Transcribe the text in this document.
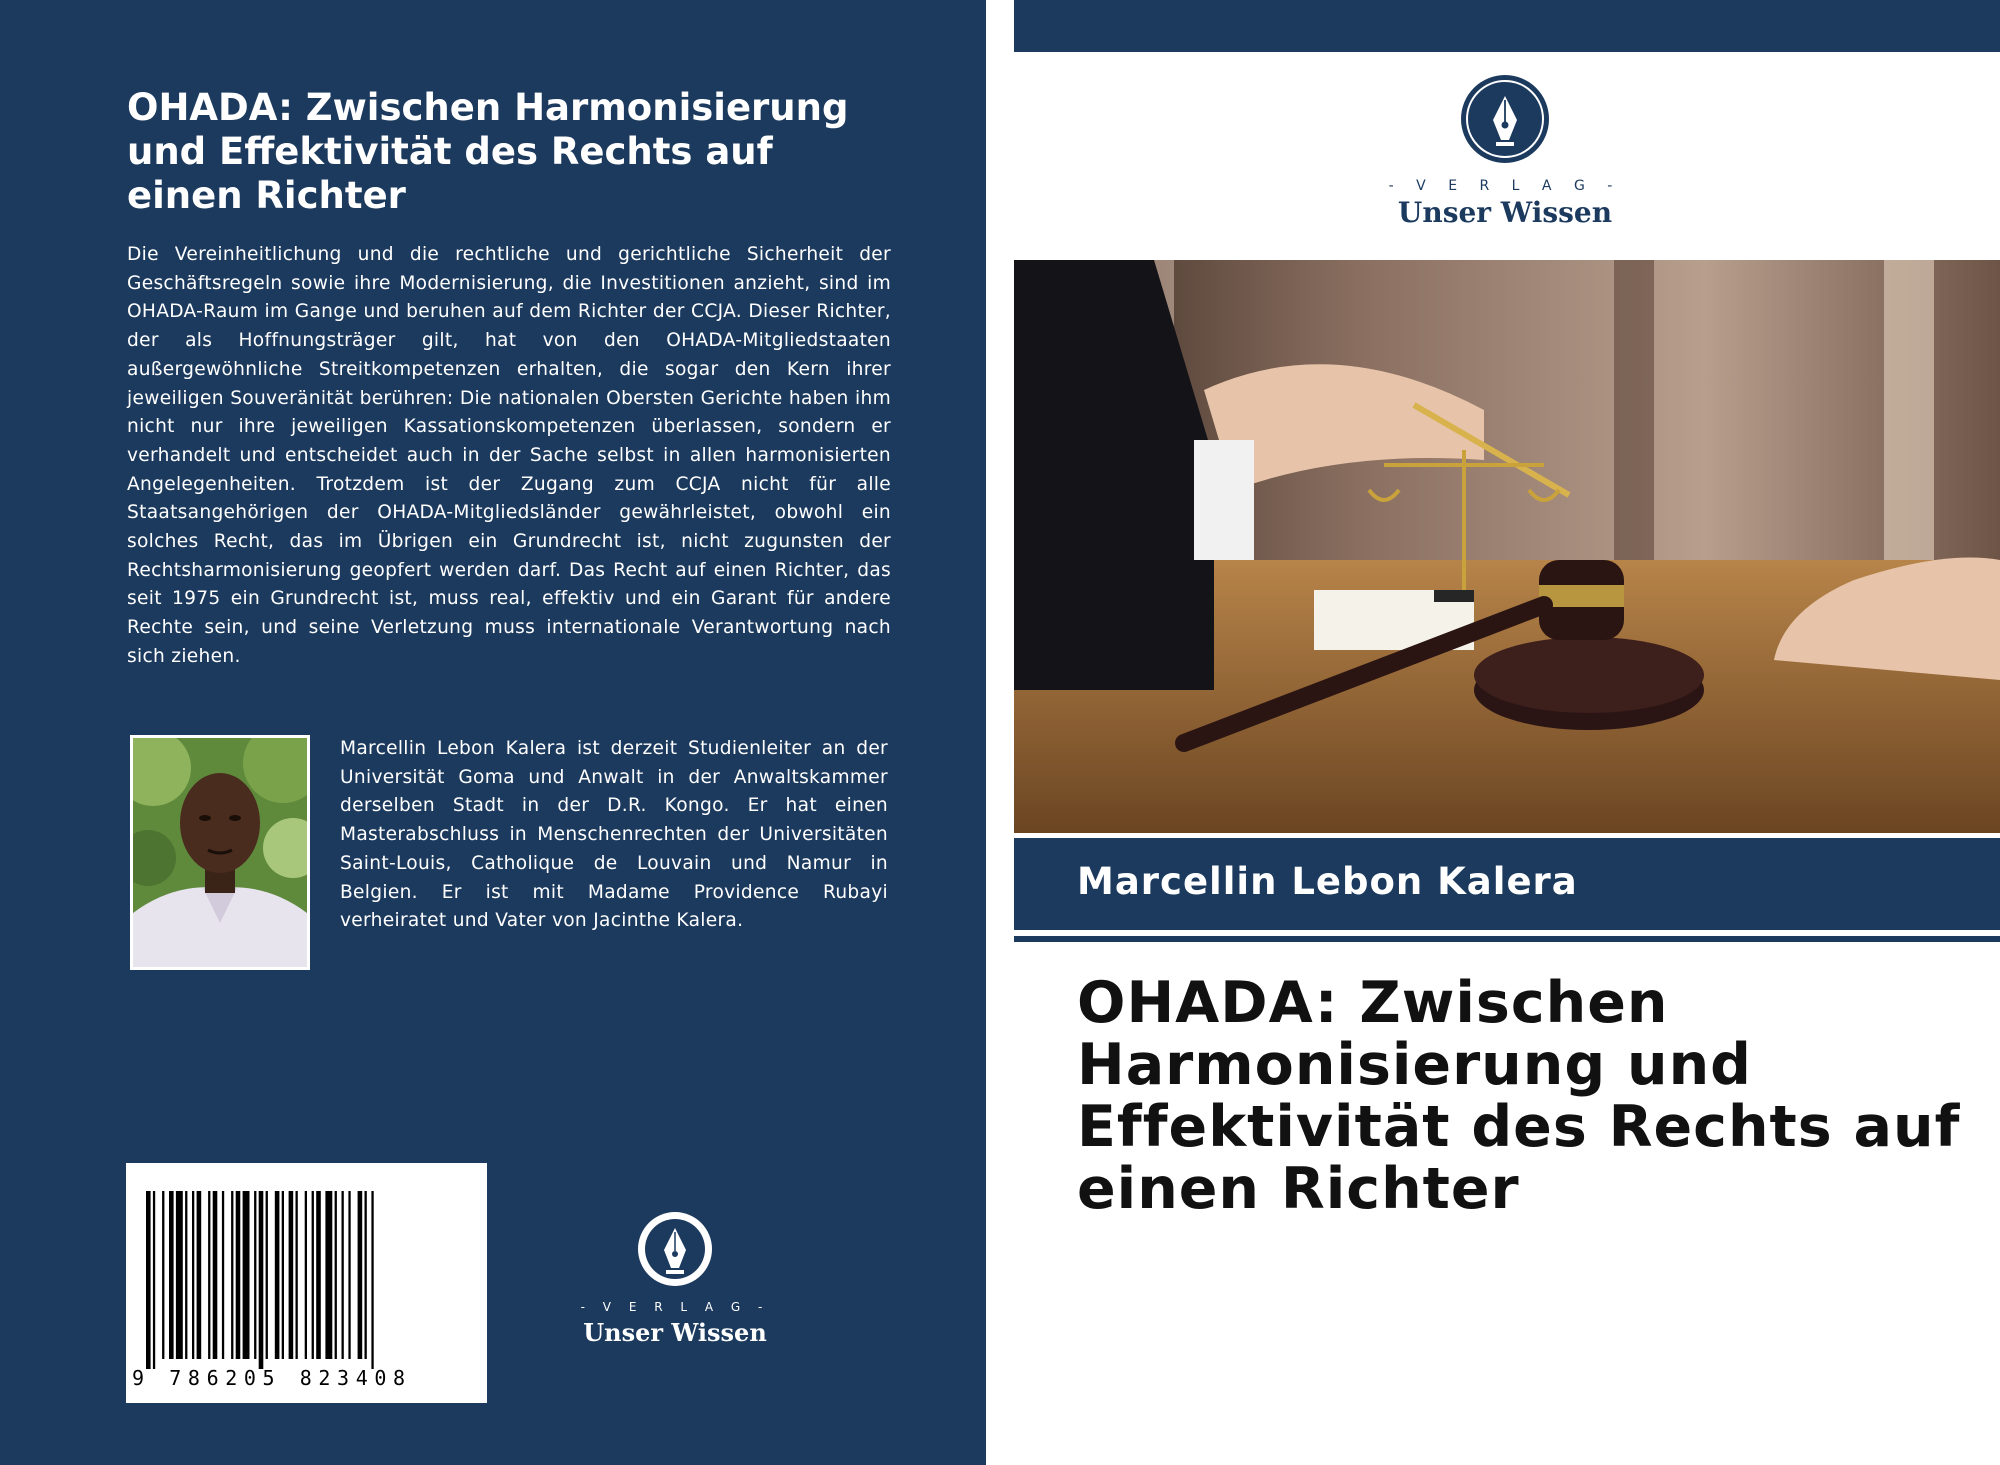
OHADA: Zwischen Harmonisierung und Effektivität des Rechts auf einen Richter

Die Vereinheitlichung und die rechtliche und gerichtliche Sicherheit der Geschäftsregeln sowie ihre Modernisierung, die Investitionen anzieht, sind im OHADA-Raum im Gange und beruhen auf dem Richter der CCJA. Dieser Richter, der als Hoffnungsträger gilt, hat von den OHADA-Mitgliedstaaten außergewöhnliche Streitkompetenzen erhalten, die sogar den Kern ihrer jeweiligen Souveränität berühren: Die nationalen Obersten Gerichte haben ihm nicht nur ihre jeweiligen Kassationskompetenzen überlassen, sondern er verhandelt und entscheidet auch in der Sache selbst in allen harmonisierten Angelegenheiten. Trotzdem ist der Zugang zum CCJA nicht für alle Staatsangehörigen der OHADA-Mitgliedsländer gewährleistet, obwohl ein solches Recht, das im Übrigen ein Grundrecht ist, nicht zugunsten der Rechtsharmonisierung geopfert werden darf. Das Recht auf einen Richter, das seit 1975 ein Grundrecht ist, muss real, effektiv und ein Garant für andere Rechte sein, und seine Verletzung muss internationale Verantwortung nach sich ziehen.

Marcellin Lebon Kalera ist derzeit Studienleiter an der Universität Goma und Anwalt in der Anwaltskammer derselben Stadt in der D.R. Kongo. Er hat einen Masterabschluss in Menschenrechten der Universitäten Saint-Louis, Catholique de Louvain und Namur in Belgien. Er ist mit Madame Providence Rubayi verheiratet und Vater von Jacinthe Kalera.

9 786205 823408
- V E R L A G -
Unser Wissen
- V E R L A G -
Unser Wissen
Marcellin Lebon Kalera
OHADA: Zwischen Harmonisierung und Effektivität des Rechts auf einen Richter
